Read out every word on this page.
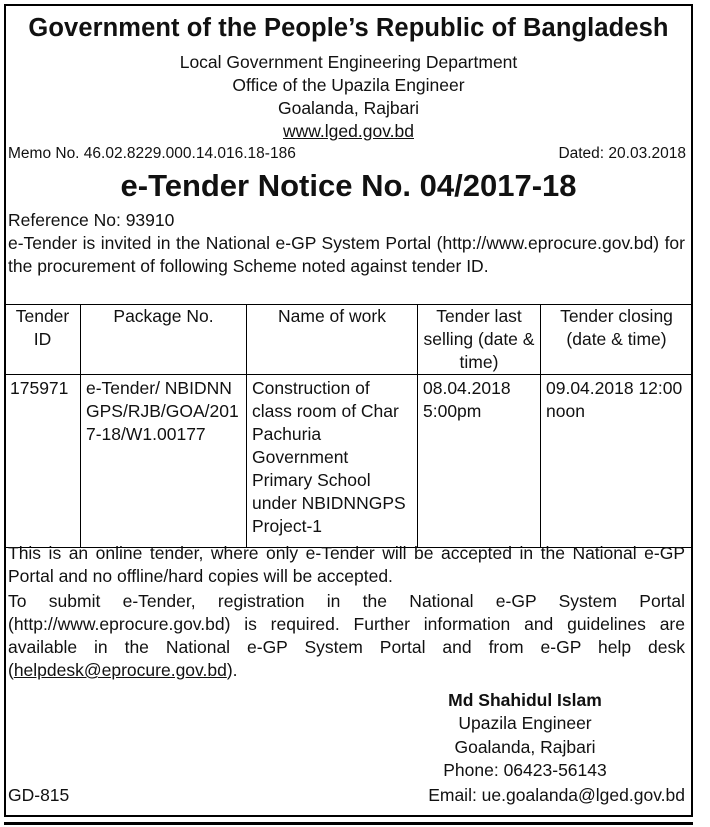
Government of the People’s Republic of Bangladesh
Local Government Engineering Department
Office of the Upazila Engineer
Goalanda, Rajbari
www.lged.gov.bd
Memo No. 46.02.8229.000.14.016.18-186	Dated: 20.03.2018
e-Tender Notice No. 04/2017-18
Reference No: 93910

e-Tender is invited in the National e-GP System Portal (http://www.eprocure.gov.bd) for the procurement of following Scheme noted against tender ID.

Tender ID	Package No.	Name of work	Tender last selling (date & time)	Tender closing (date & time)
175971	e-Tender/ NBIDNNGPS/RJB/GOA/2017-18/W1.00177	Construction of class room of Char Pachuria Government Primary School under NBIDNNGPS Project-1	08.04.2018 5:00pm	09.04.2018 12:00 noon

This is an online tender, where only e-Tender will be accepted in the National e-GP Portal and no offline/hard copies will be accepted.

To submit e-Tender, registration in the National e-GP System Portal (http://www.eprocure.gov.bd) is required. Further information and guidelines are available in the National e-GP System Portal and from e-GP help desk (helpdesk@eprocure.gov.bd).

Md Shahidul Islam
Upazila Engineer
Goalanda, Rajbari
Phone: 06423-56143
GD-815	Email: ue.goalanda@lged.gov.bd
